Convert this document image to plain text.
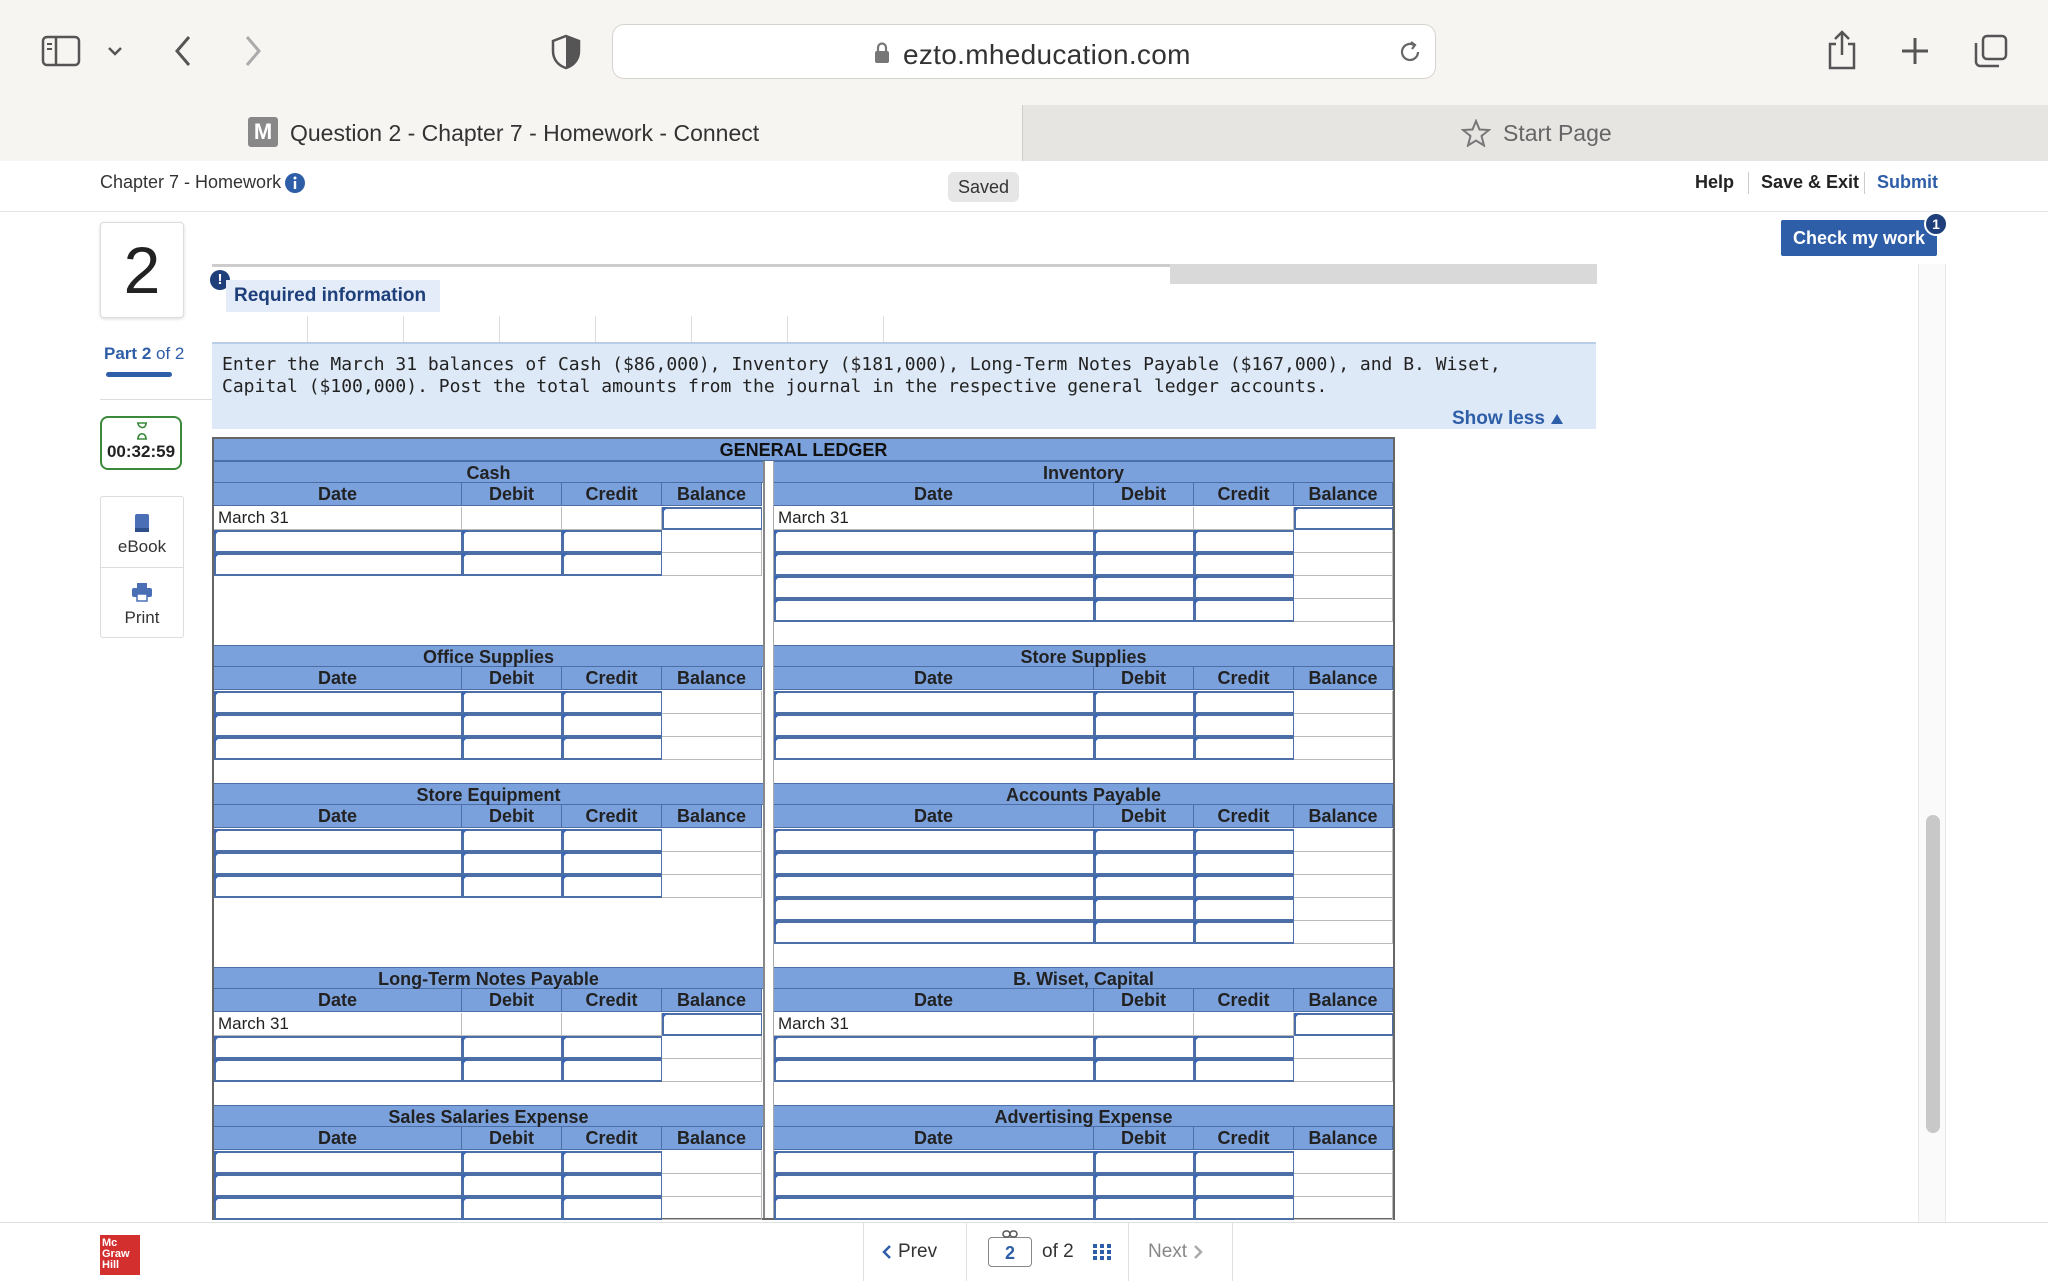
ezto.mheducation.com
M Question 2 - Chapter 7 - Homework - Connect	Start Page
Chapter 7 - Homework	Saved	Help Save & Exit Submit
Check my work
1
2
Part 2 of 2
00:32:59
eBook
Print
!
Required information
Enter the March 31 balances of Cash ($86,000), Inventory ($181,000), Long-Term Notes Payable ($167,000), and B. Wiset, Capital ($100,000). Post the total amounts from the journal in the respective general ledger accounts.
Show less
GENERAL LEDGER
Cash
Date	Debit	Credit	Balance
March 31
Inventory
Date	Debit	Credit	Balance
March 31
Office Supplies
Date	Debit	Credit	Balance
Store Supplies
Date	Debit	Credit	Balance
Store Equipment
Date	Debit	Credit	Balance
Accounts Payable
Date	Debit	Credit	Balance
Long-Term Notes Payable
Date	Debit	Credit	Balance
March 31
B. Wiset, Capital
Date	Debit	Credit	Balance
March 31
Sales Salaries Expense
Date	Debit	Credit	Balance
Advertising Expense
Date	Debit	Credit	Balance
Mc
Graw
Hill
Prev	2	of 2	Next
